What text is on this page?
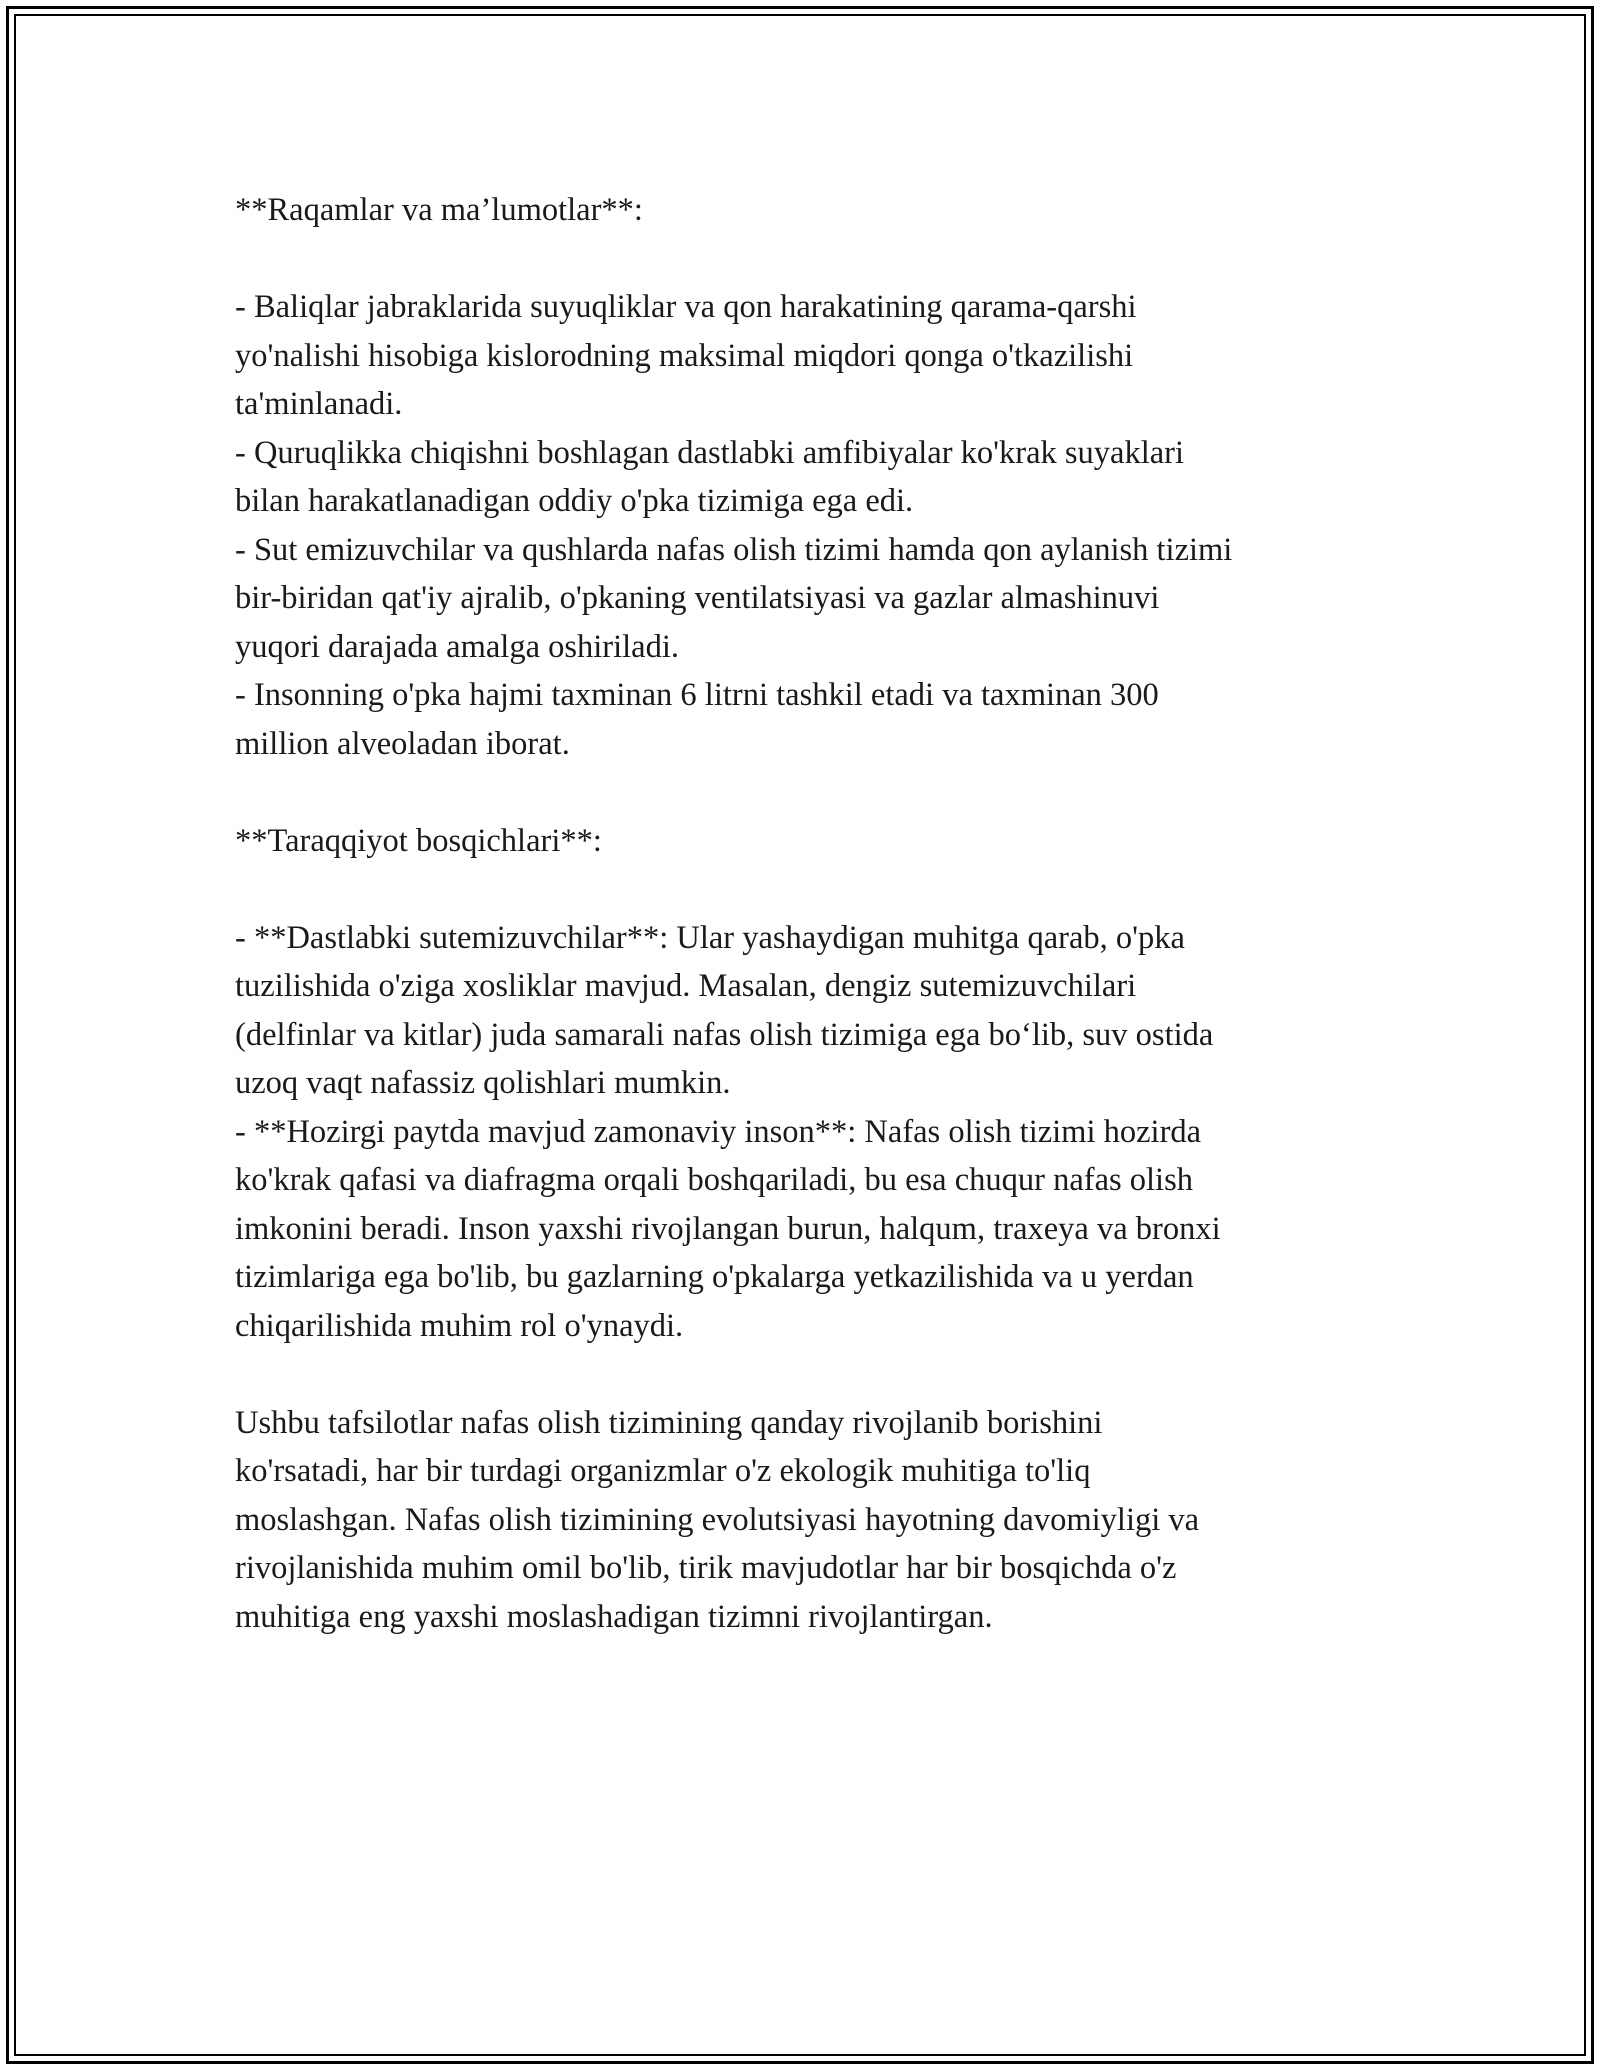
**Raqamlar va ma’lumotlar**:

- Baliqlar jabraklarida suyuqliklar va qon harakatining qarama-qarshi
yo'nalishi hisobiga kislorodning maksimal miqdori qonga o'tkazilishi
ta'minlanadi.

- Quruqlikka chiqishni boshlagan dastlabki amfibiyalar ko'krak suyaklari
bilan harakatlanadigan oddiy o'pka tizimiga ega edi.

- Sut emizuvchilar va qushlarda nafas olish tizimi hamda qon aylanish tizimi
bir-biridan qat'iy ajralib, o'pkaning ventilatsiyasi va gazlar almashinuvi
yuqori darajada amalga oshiriladi.

- Insonning o'pka hajmi taxminan 6 litrni tashkil etadi va taxminan 300
million alveoladan iborat.

**Taraqqiyot bosqichlari**:

- **Dastlabki sutemizuvchilar**: Ular yashaydigan muhitga qarab, o'pka
tuzilishida o'ziga xosliklar mavjud. Masalan, dengiz sutemizuvchilari
(delfinlar va kitlar) juda samarali nafas olish tizimiga ega bo‘lib, suv ostida
uzoq vaqt nafassiz qolishlari mumkin.

- **Hozirgi paytda mavjud zamonaviy inson**: Nafas olish tizimi hozirda
ko'krak qafasi va diafragma orqali boshqariladi, bu esa chuqur nafas olish
imkonini beradi. Inson yaxshi rivojlangan burun, halqum, traxeya va bronxi
tizimlariga ega bo'lib, bu gazlarning o'pkalarga yetkazilishida va u yerdan
chiqarilishida muhim rol o'ynaydi.

Ushbu tafsilotlar nafas olish tizimining qanday rivojlanib borishini
ko'rsatadi, har bir turdagi organizmlar o'z ekologik muhitiga to'liq
moslashgan. Nafas olish tizimining evolutsiyasi hayotning davomiyligi va
rivojlanishida muhim omil bo'lib, tirik mavjudotlar har bir bosqichda o'z
muhitiga eng yaxshi moslashadigan tizimni rivojlantirgan.
